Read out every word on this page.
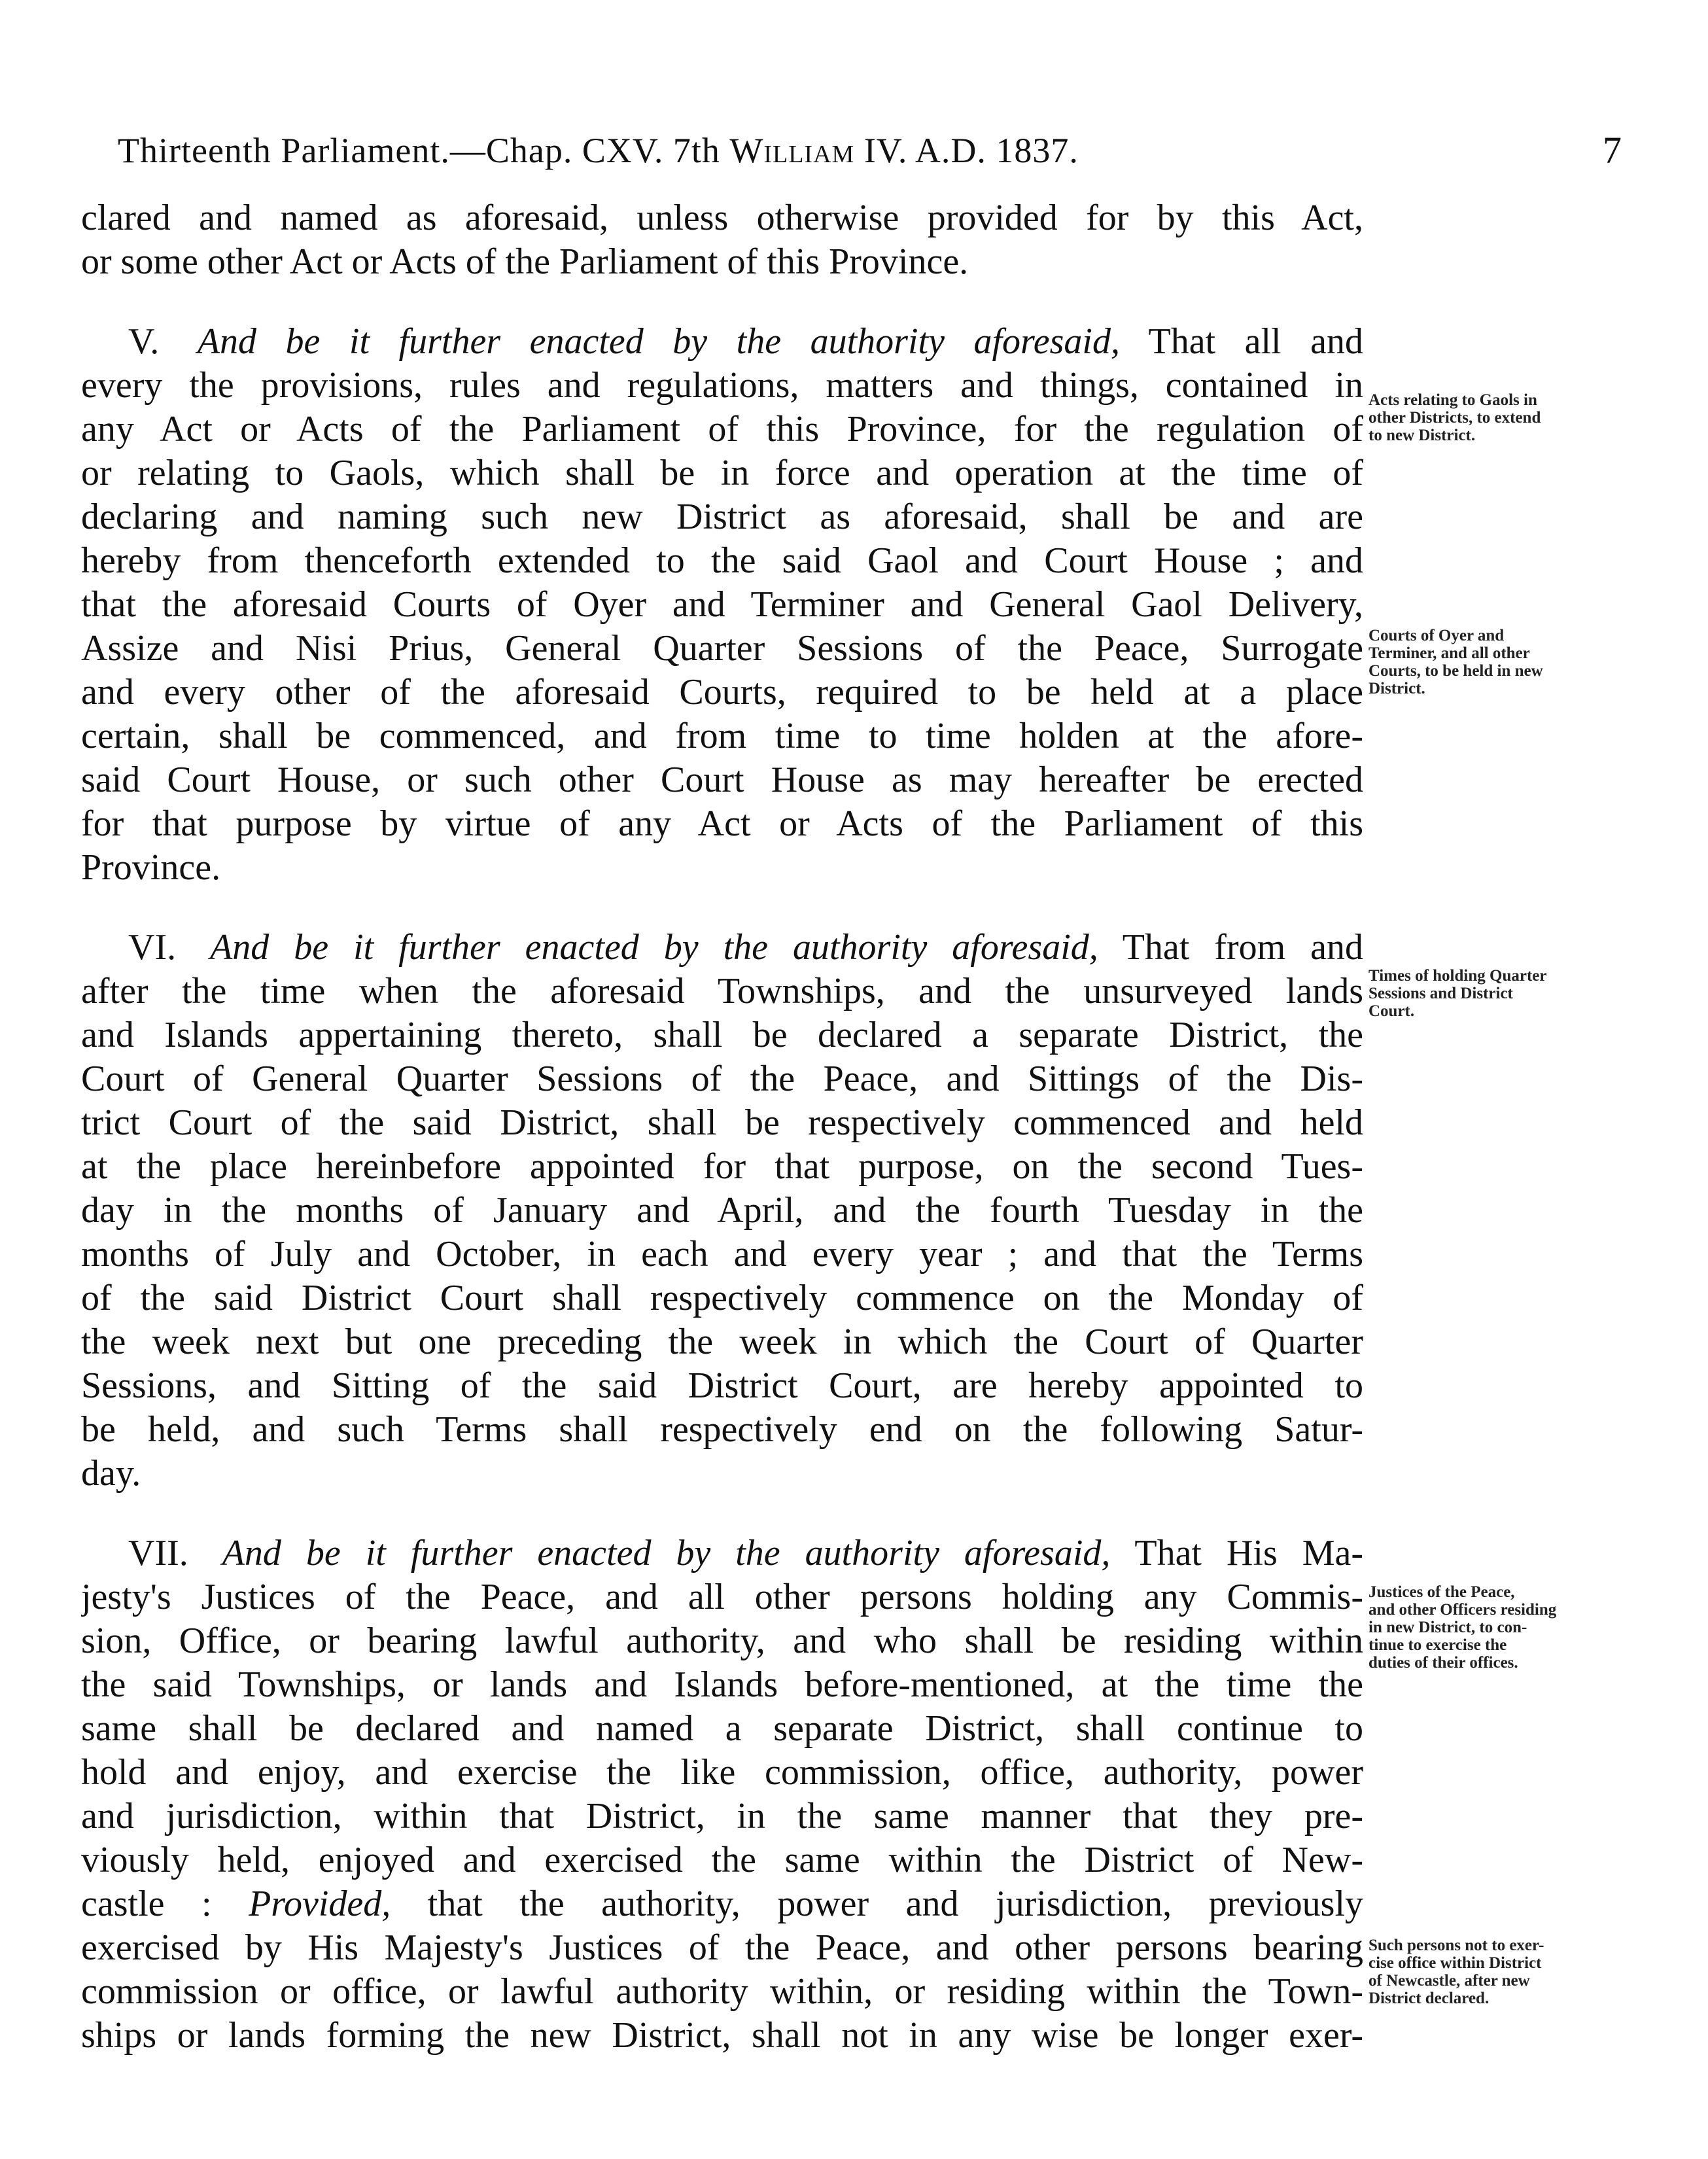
Thirteenth Parliament.—Chap. CXV. 7th William IV. A.D. 1837.	7
clared and named as aforesaid, unless otherwise provided for by this Act,
or some other Act or Acts of the Parliament of this Province.
V. And be it further enacted by the authority aforesaid, That all and
every the provisions, rules and regulations, matters and things, contained in
any Act or Acts of the Parliament of this Province, for the regulation of
or relating to Gaols, which shall be in force and operation at the time of
declaring and naming such new District as aforesaid, shall be and are
hereby from thenceforth extended to the said Gaol and Court House ; and
that the aforesaid Courts of Oyer and Terminer and General Gaol Delivery,
Assize and Nisi Prius, General Quarter Sessions of the Peace, Surrogate
and every other of the aforesaid Courts, required to be held at a place
certain, shall be commenced, and from time to time holden at the afore-
said Court House, or such other Court House as may hereafter be erected
for that purpose by virtue of any Act or Acts of the Parliament of this
Province.
VI. And be it further enacted by the authority aforesaid, That from and
after the time when the aforesaid Townships, and the unsurveyed lands
and Islands appertaining thereto, shall be declared a separate District, the
Court of General Quarter Sessions of the Peace, and Sittings of the Dis-
trict Court of the said District, shall be respectively commenced and held
at the place hereinbefore appointed for that purpose, on the second Tues-
day in the months of January and April, and the fourth Tuesday in the
months of July and October, in each and every year ; and that the Terms
of the said District Court shall respectively commence on the Monday of
the week next but one preceding the week in which the Court of Quarter
Sessions, and Sitting of the said District Court, are hereby appointed to
be held, and such Terms shall respectively end on the following Satur-
day.
VII. And be it further enacted by the authority aforesaid, That His Ma-
jesty's Justices of the Peace, and all other persons holding any Commis-
sion, Office, or bearing lawful authority, and who shall be residing within
the said Townships, or lands and Islands before-mentioned, at the time the
same shall be declared and named a separate District, shall continue to
hold and enjoy, and exercise the like commission, office, authority, power
and jurisdiction, within that District, in the same manner that they pre-
viously held, enjoyed and exercised the same within the District of New-
castle : Provided, that the authority, power and jurisdiction, previously
exercised by His Majesty's Justices of the Peace, and other persons bearing
commission or office, or lawful authority within, or residing within the Town-
ships or lands forming the new District, shall not in any wise be longer exer-
Acts relating to Gaols in
other Districts, to extend
to new District.
Courts of Oyer and
Terminer, and all other
Courts, to be held in new
District.
Times of holding Quarter
Sessions and District
Court.
Justices of the Peace,
and other Officers residing
in new District, to con-
tinue to exercise the
duties of their offices.
Such persons not to exer-
cise office within District
of Newcastle, after new
District declared.
